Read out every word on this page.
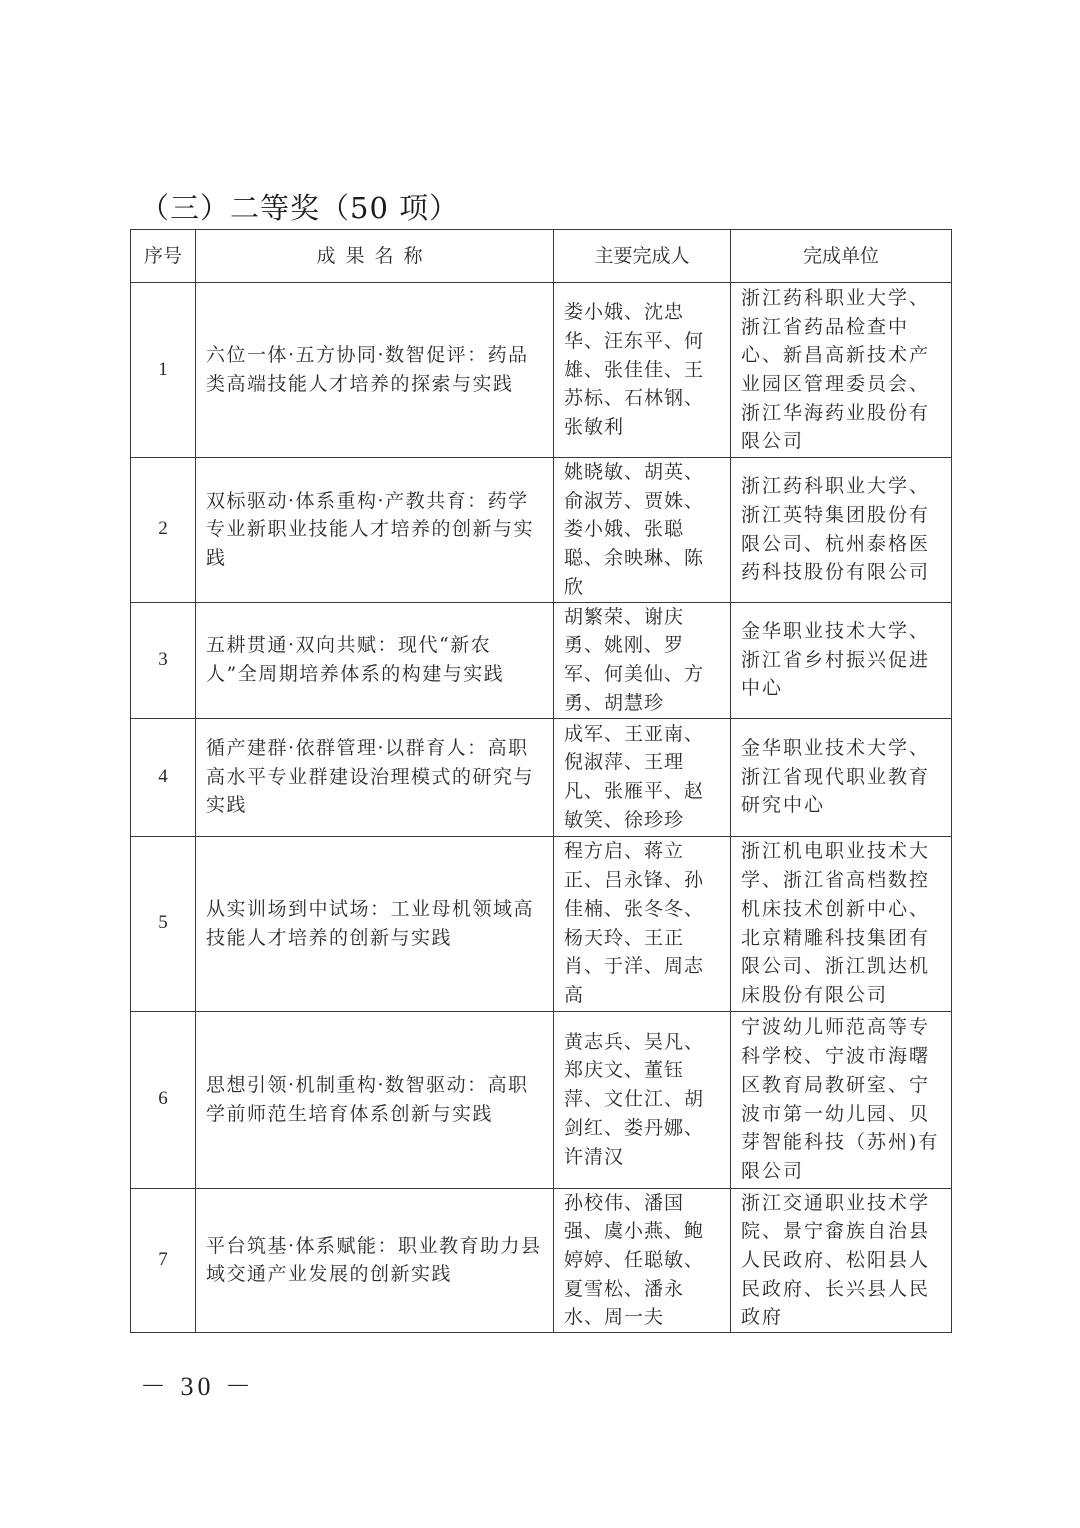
（三）二等奖（50 项）
序号	成果名称	主要完成人	完成单位
1	六位一体·五方协同·数智促评：药品类高端技能人才培养的探索与实践	娄小娥、沈忠华、汪东平、何雄、张佳佳、王苏标、石林钢、张敏利	浙江药科职业大学、浙江省药品检查中心、新昌高新技术产业园区管理委员会、浙江华海药业股份有限公司
2	双标驱动·体系重构·产教共育：药学专业新职业技能人才培养的创新与实践	姚晓敏、胡英、俞淑芳、贾姝、娄小娥、张聪聪、余映琳、陈欣	浙江药科职业大学、浙江英特集团股份有限公司、杭州泰格医药科技股份有限公司
3	五耕贯通·双向共赋：现代“新农人”全周期培养体系的构建与实践	胡繁荣、谢庆勇、姚刚、罗军、何美仙、方勇、胡慧珍	金华职业技术大学、浙江省乡村振兴促进中心
4	循产建群·依群管理·以群育人：高职高水平专业群建设治理模式的研究与实践	成军、王亚南、倪淑萍、王理凡、张雁平、赵敏笑、徐珍珍	金华职业技术大学、浙江省现代职业教育研究中心
5	从实训场到中试场：工业母机领域高技能人才培养的创新与实践	程方启、蒋立正、吕永锋、孙佳楠、张冬冬、杨天玲、王正肖、于洋、周志高	浙江机电职业技术大学、浙江省高档数控机床技术创新中心、北京精雕科技集团有限公司、浙江凯达机床股份有限公司
6	思想引领·机制重构·数智驱动：高职学前师范生培育体系创新与实践	黄志兵、吴凡、郑庆文、董钰萍、文仕江、胡剑红、娄丹娜、许清汉	宁波幼儿师范高等专科学校、宁波市海曙区教育局教研室、宁波市第一幼儿园、贝芽智能科技（苏州)有限公司
7	平台筑基·体系赋能：职业教育助力县域交通产业发展的创新实践	孙校伟、潘国强、虞小燕、鲍婷婷、任聪敏、夏雪松、潘永水、周一夫	浙江交通职业技术学院、景宁畲族自治县人民政府、松阳县人民政府、长兴县人民政府
－ 30 －
